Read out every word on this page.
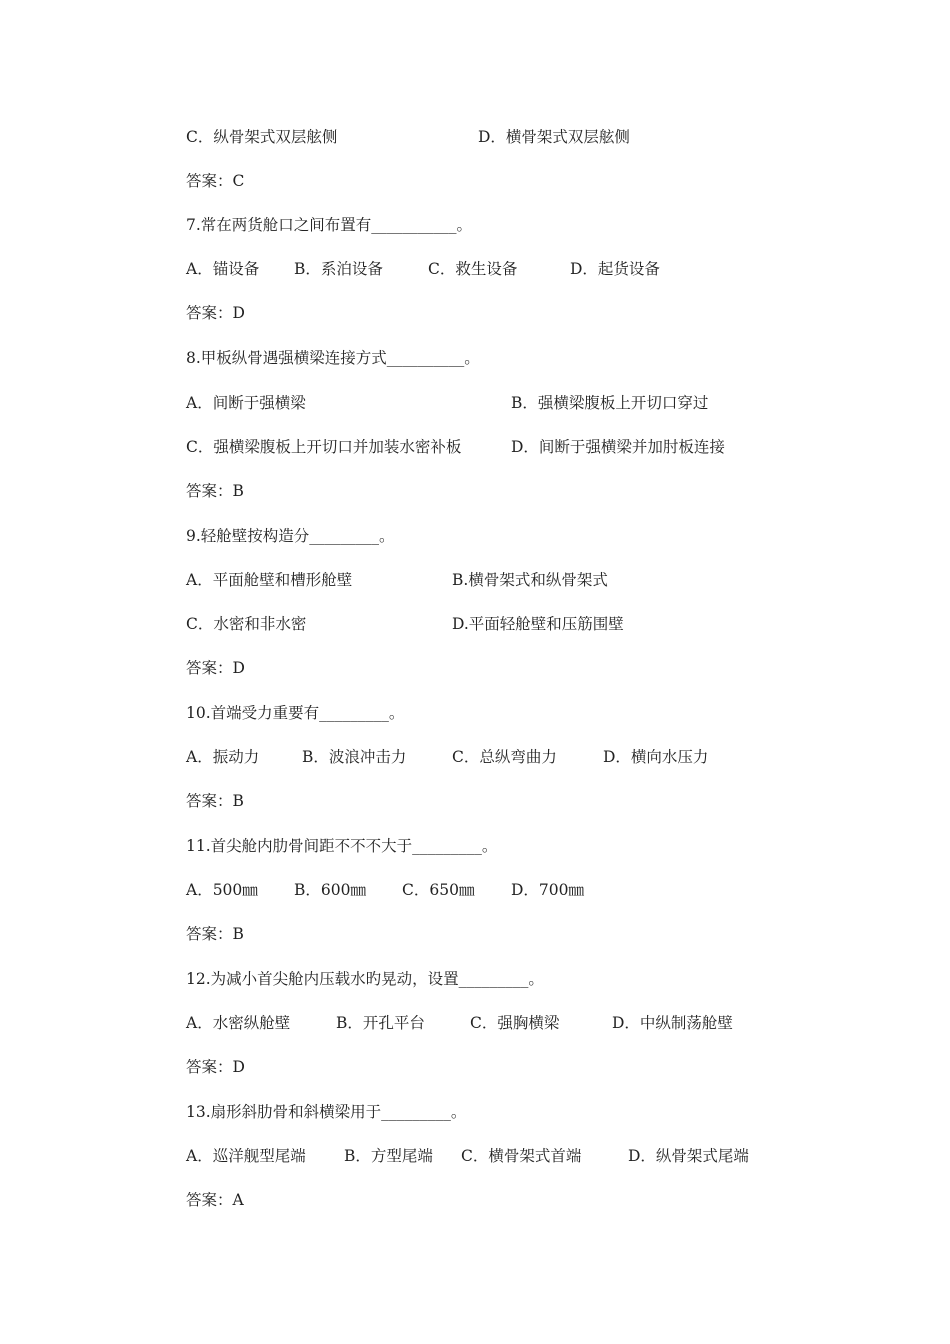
C．纵骨架式双层舷侧	D．横骨架式双层舷侧
答案：C
7.常在两货舱口之间布置有___________。
A．锚设备 B．系泊设备	C．救生设备	D．起货设备
答案：D
8.甲板纵骨遇强横梁连接方式__________。
A．间断于强横梁	B．强横梁腹板上开切口穿过
C．强横梁腹板上开切口并加装水密补板	D．间断于强横梁并加肘板连接
答案：B
9.轻舱壁按构造分_________。
A．平面舱壁和槽形舱壁	B.横骨架式和纵骨架式
C．水密和非水密	D.平面轻舱壁和压筋围壁
答案：D
10.首端受力重要有_________。
A．振动力	B．波浪冲击力	C．总纵弯曲力	D．横向水压力
答案：B
11.首尖舱内肋骨间距不不不大于_________。
A．500㎜ B．600㎜ C．650㎜ D．700㎜
答案：B
12.为减小首尖舱内压载水旳晃动，设置_________。
A．水密纵舱壁	B．开孔平台	C．强胸横梁	D．中纵制荡舱壁
答案：D
13.扇形斜肋骨和斜横梁用于_________。
A．巡洋舰型尾端 B．方型尾端 C．横骨架式首端	D．纵骨架式尾端
答案：A
